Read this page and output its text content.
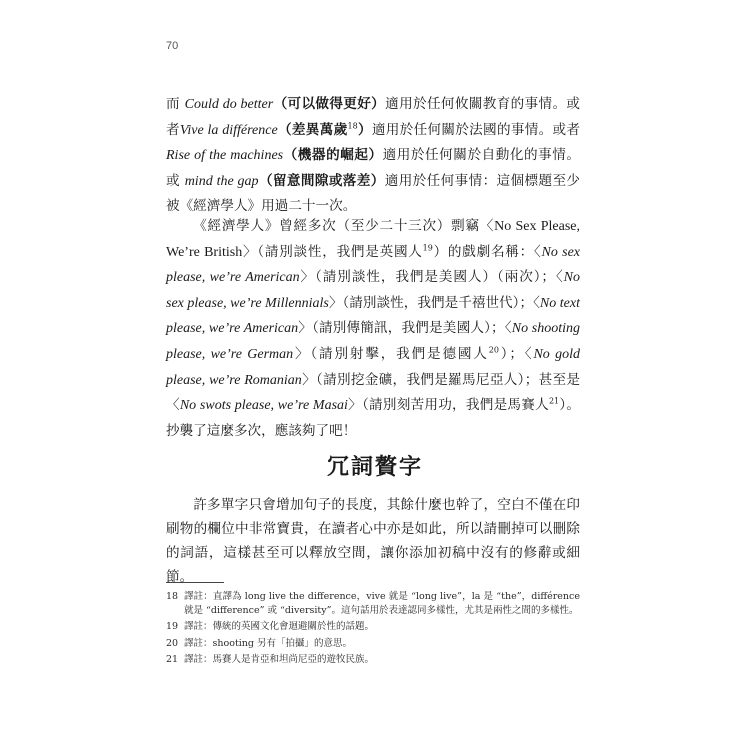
70

而 Could do better（可以做得更好）適用於任何攸關教育的事情。或者Vive la différence（差異萬歲$^{18}$）適用於任何關於法國的事情。或者 Rise of the machines（機器的崛起）適用於任何關於自動化的事情。或 mind the gap（留意間隙或落差）適用於任何事情：這個標題至少被《經濟學人》用過二十一次。

《經濟學人》曾經多次（至少二十三次）剽竊〈No Sex Please, We’re British〉（請別談性，我們是英國人$^{19}$）的戲劇名稱：〈No sex please, we’re American〉（請別談性，我們是美國人）（兩次）；〈No sex please, we’re Millennials〉（請別談性，我們是千禧世代）；〈No text please, we’re American〉（請別傳簡訊，我們是美國人）；〈No shooting please, we’re German〉（請別射擊，我們是德國人$^{20}$）；〈No gold please, we’re Romanian〉（請別挖金礦，我們是羅馬尼亞人）；甚至是〈No swots please, we’re Masai〉（請別刻苦用功，我們是馬賽人$^{21}$）。抄襲了這麼多次，應該夠了吧！

冗詞贅字

許多單字只會增加句子的長度，其餘什麼也幹了，空白不僅在印刷物的欄位中非常寶貴，在讀者心中亦是如此，所以請刪掉可以刪除的詞語，這樣甚至可以釋放空間，讓你添加初稿中沒有的修辭或細節。

18 譯註：直譯為 long live the difference，vive 就是 “long live”，la 是 “the”，différence 就是 “difference” 或 “diversity”。這句話用於表達認同多樣性，尤其是兩性之間的多樣性。
19 譯註：傳統的英國文化會迴避關於性的話題。
20 譯註：shooting 另有「拍攝」的意思。
21 譯註：馬賽人是肯亞和坦尚尼亞的遊牧民族。
